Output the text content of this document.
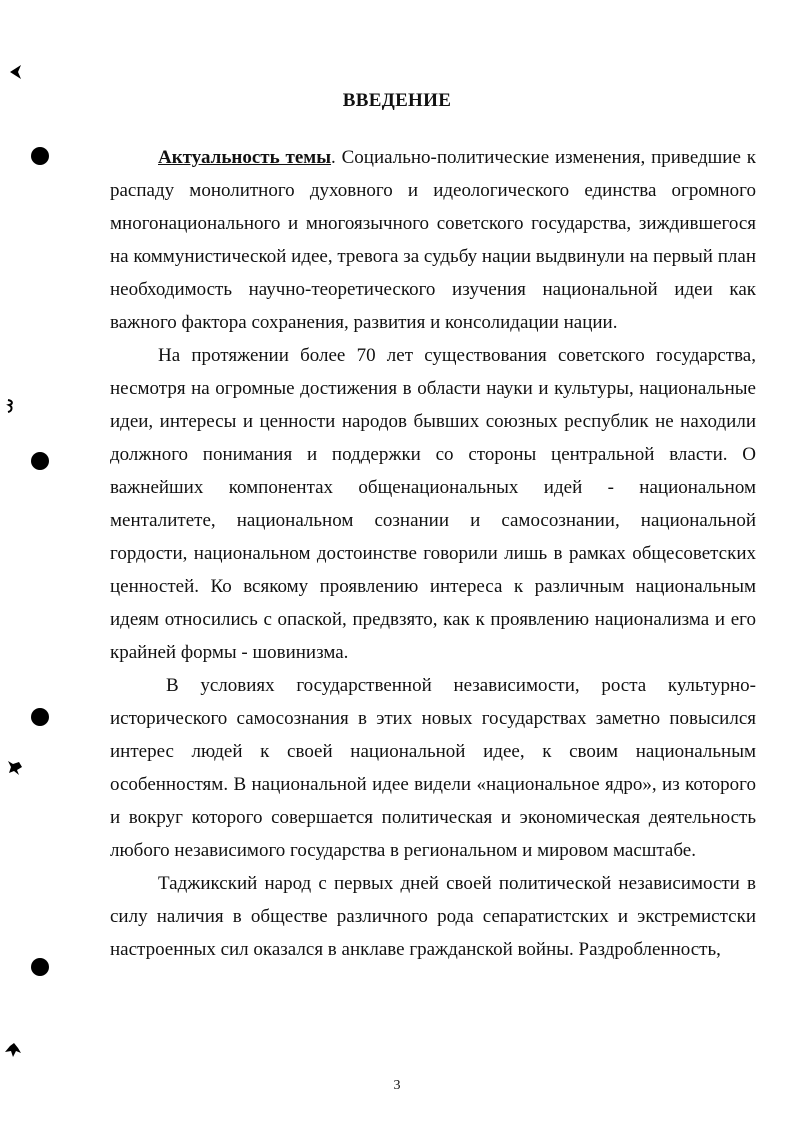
ВВЕДЕНИЕ

Актуальность темы. Социально-политические изменения, приведшие к распаду монолитного духовного и идеологического единства огромного многонационального и многоязычного советского государства, зиждившегося на коммунистической идее, тревога за судьбу нации выдвинули на первый план необходимость научно-теоретического изучения национальной идеи как важного фактора сохранения, развития и консолидации нации.

На протяжении более 70 лет существования советского государства, несмотря на огромные достижения в области науки и культуры, национальные идеи, интересы и ценности народов бывших союзных республик не находили должного понимания и поддержки со стороны центральной власти. О важнейших компонентах общенациональных идей - национальном менталитете, национальном сознании и самосознании, национальной гордости, национальном достоинстве говорили лишь в рамках общесоветских ценностей. Ко всякому проявлению интереса к различным национальным идеям относились с опаской, предвзято, как к проявлению национализма и его крайней формы - шовинизма.

В условиях государственной независимости, роста культурно-исторического самосознания в этих новых государствах заметно повысился интерес людей к своей национальной идее, к своим национальным особенностям. В национальной идее видели «национальное ядро», из которого и вокруг которого совершается политическая и экономическая деятельность любого независимого государства в региональном и мировом масштабе.

Таджикский народ с первых дней своей политической независимости в силу наличия в обществе различного рода сепаратистских и экстремистски настроенных сил оказался в анклаве гражданской войны. Раздробленность,

3
